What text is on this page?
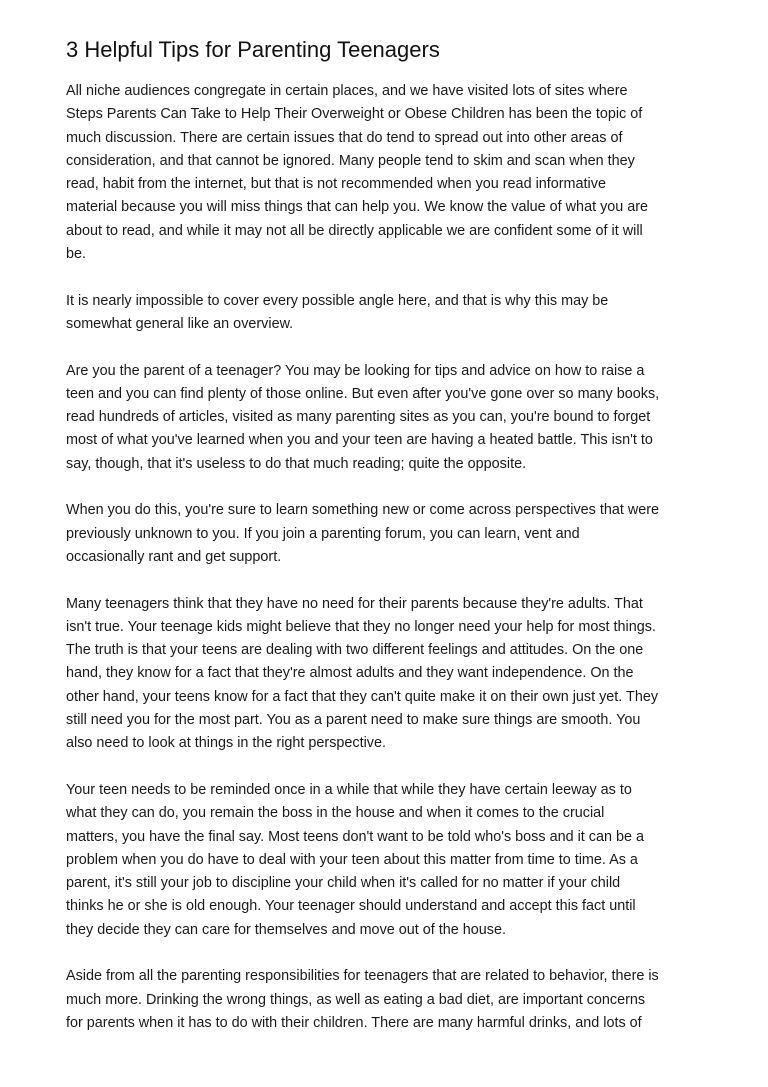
3 Helpful Tips for Parenting Teenagers

All niche audiences congregate in certain places, and we have visited lots of sites where
Steps Parents Can Take to Help Their Overweight or Obese Children has been the topic of
much discussion. There are certain issues that do tend to spread out into other areas of
consideration, and that cannot be ignored. Many people tend to skim and scan when they
read, habit from the internet, but that is not recommended when you read informative
material because you will miss things that can help you. We know the value of what you are
about to read, and while it may not all be directly applicable we are confident some of it will
be.

It is nearly impossible to cover every possible angle here, and that is why this may be
somewhat general like an overview.

Are you the parent of a teenager? You may be looking for tips and advice on how to raise a
teen and you can find plenty of those online. But even after you've gone over so many books,
read hundreds of articles, visited as many parenting sites as you can, you're bound to forget
most of what you've learned when you and your teen are having a heated battle. This isn't to
say, though, that it's useless to do that much reading; quite the opposite.

When you do this, you're sure to learn something new or come across perspectives that were
previously unknown to you. If you join a parenting forum, you can learn, vent and
occasionally rant and get support.

Many teenagers think that they have no need for their parents because they're adults. That
isn't true. Your teenage kids might believe that they no longer need your help for most things.
The truth is that your teens are dealing with two different feelings and attitudes. On the one
hand, they know for a fact that they're almost adults and they want independence. On the
other hand, your teens know for a fact that they can't quite make it on their own just yet. They
still need you for the most part. You as a parent need to make sure things are smooth. You
also need to look at things in the right perspective.

Your teen needs to be reminded once in a while that while they have certain leeway as to
what they can do, you remain the boss in the house and when it comes to the crucial
matters, you have the final say. Most teens don't want to be told who's boss and it can be a
problem when you do have to deal with your teen about this matter from time to time. As a
parent, it's still your job to discipline your child when it's called for no matter if your child
thinks he or she is old enough. Your teenager should understand and accept this fact until
they decide they can care for themselves and move out of the house.

Aside from all the parenting responsibilities for teenagers that are related to behavior, there is
much more. Drinking the wrong things, as well as eating a bad diet, are important concerns
for parents when it has to do with their children. There are many harmful drinks, and lots of
